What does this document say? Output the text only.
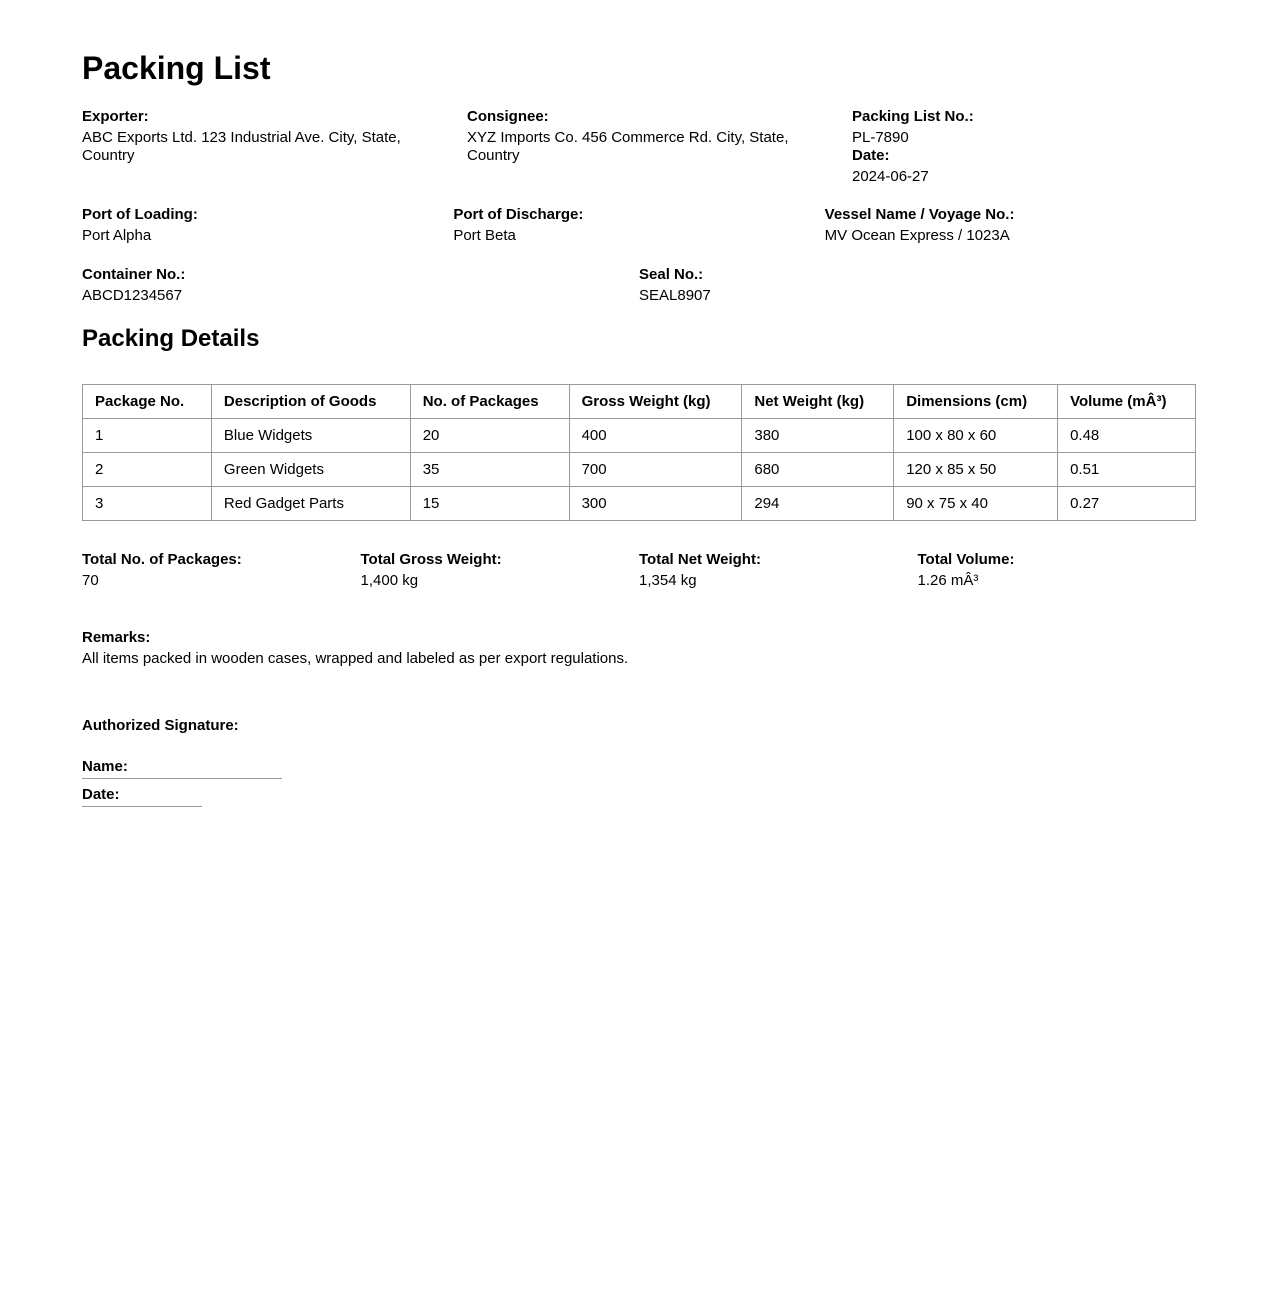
Packing List
Exporter:
ABC Exports Ltd. 123 Industrial Ave. City, State, Country
Consignee:
XYZ Imports Co. 456 Commerce Rd. City, State, Country
Packing List No.:
PL-7890
Date:
2024-06-27
Port of Loading:
Port Alpha
Port of Discharge:
Port Beta
Vessel Name / Voyage No.:
MV Ocean Express / 1023A
Container No.:
ABCD1234567
Seal No.:
SEAL8907
Packing Details
Package No.	Description of Goods	No. of Packages	Gross Weight (kg)	Net Weight (kg)	Dimensions (cm)	Volume (mÂ³)
1	Blue Widgets	20	400	380	100 x 80 x 60	0.48
2	Green Widgets	35	700	680	120 x 85 x 50	0.51
3	Red Gadget Parts	15	300	294	90 x 75 x 40	0.27
Total No. of Packages:
70
Total Gross Weight:
1,400 kg
Total Net Weight:
1,354 kg
Total Volume:
1.26 mÂ³
Remarks:
All items packed in wooden cases, wrapped and labeled as per export regulations.
Authorized Signature:
Name:
Date:
